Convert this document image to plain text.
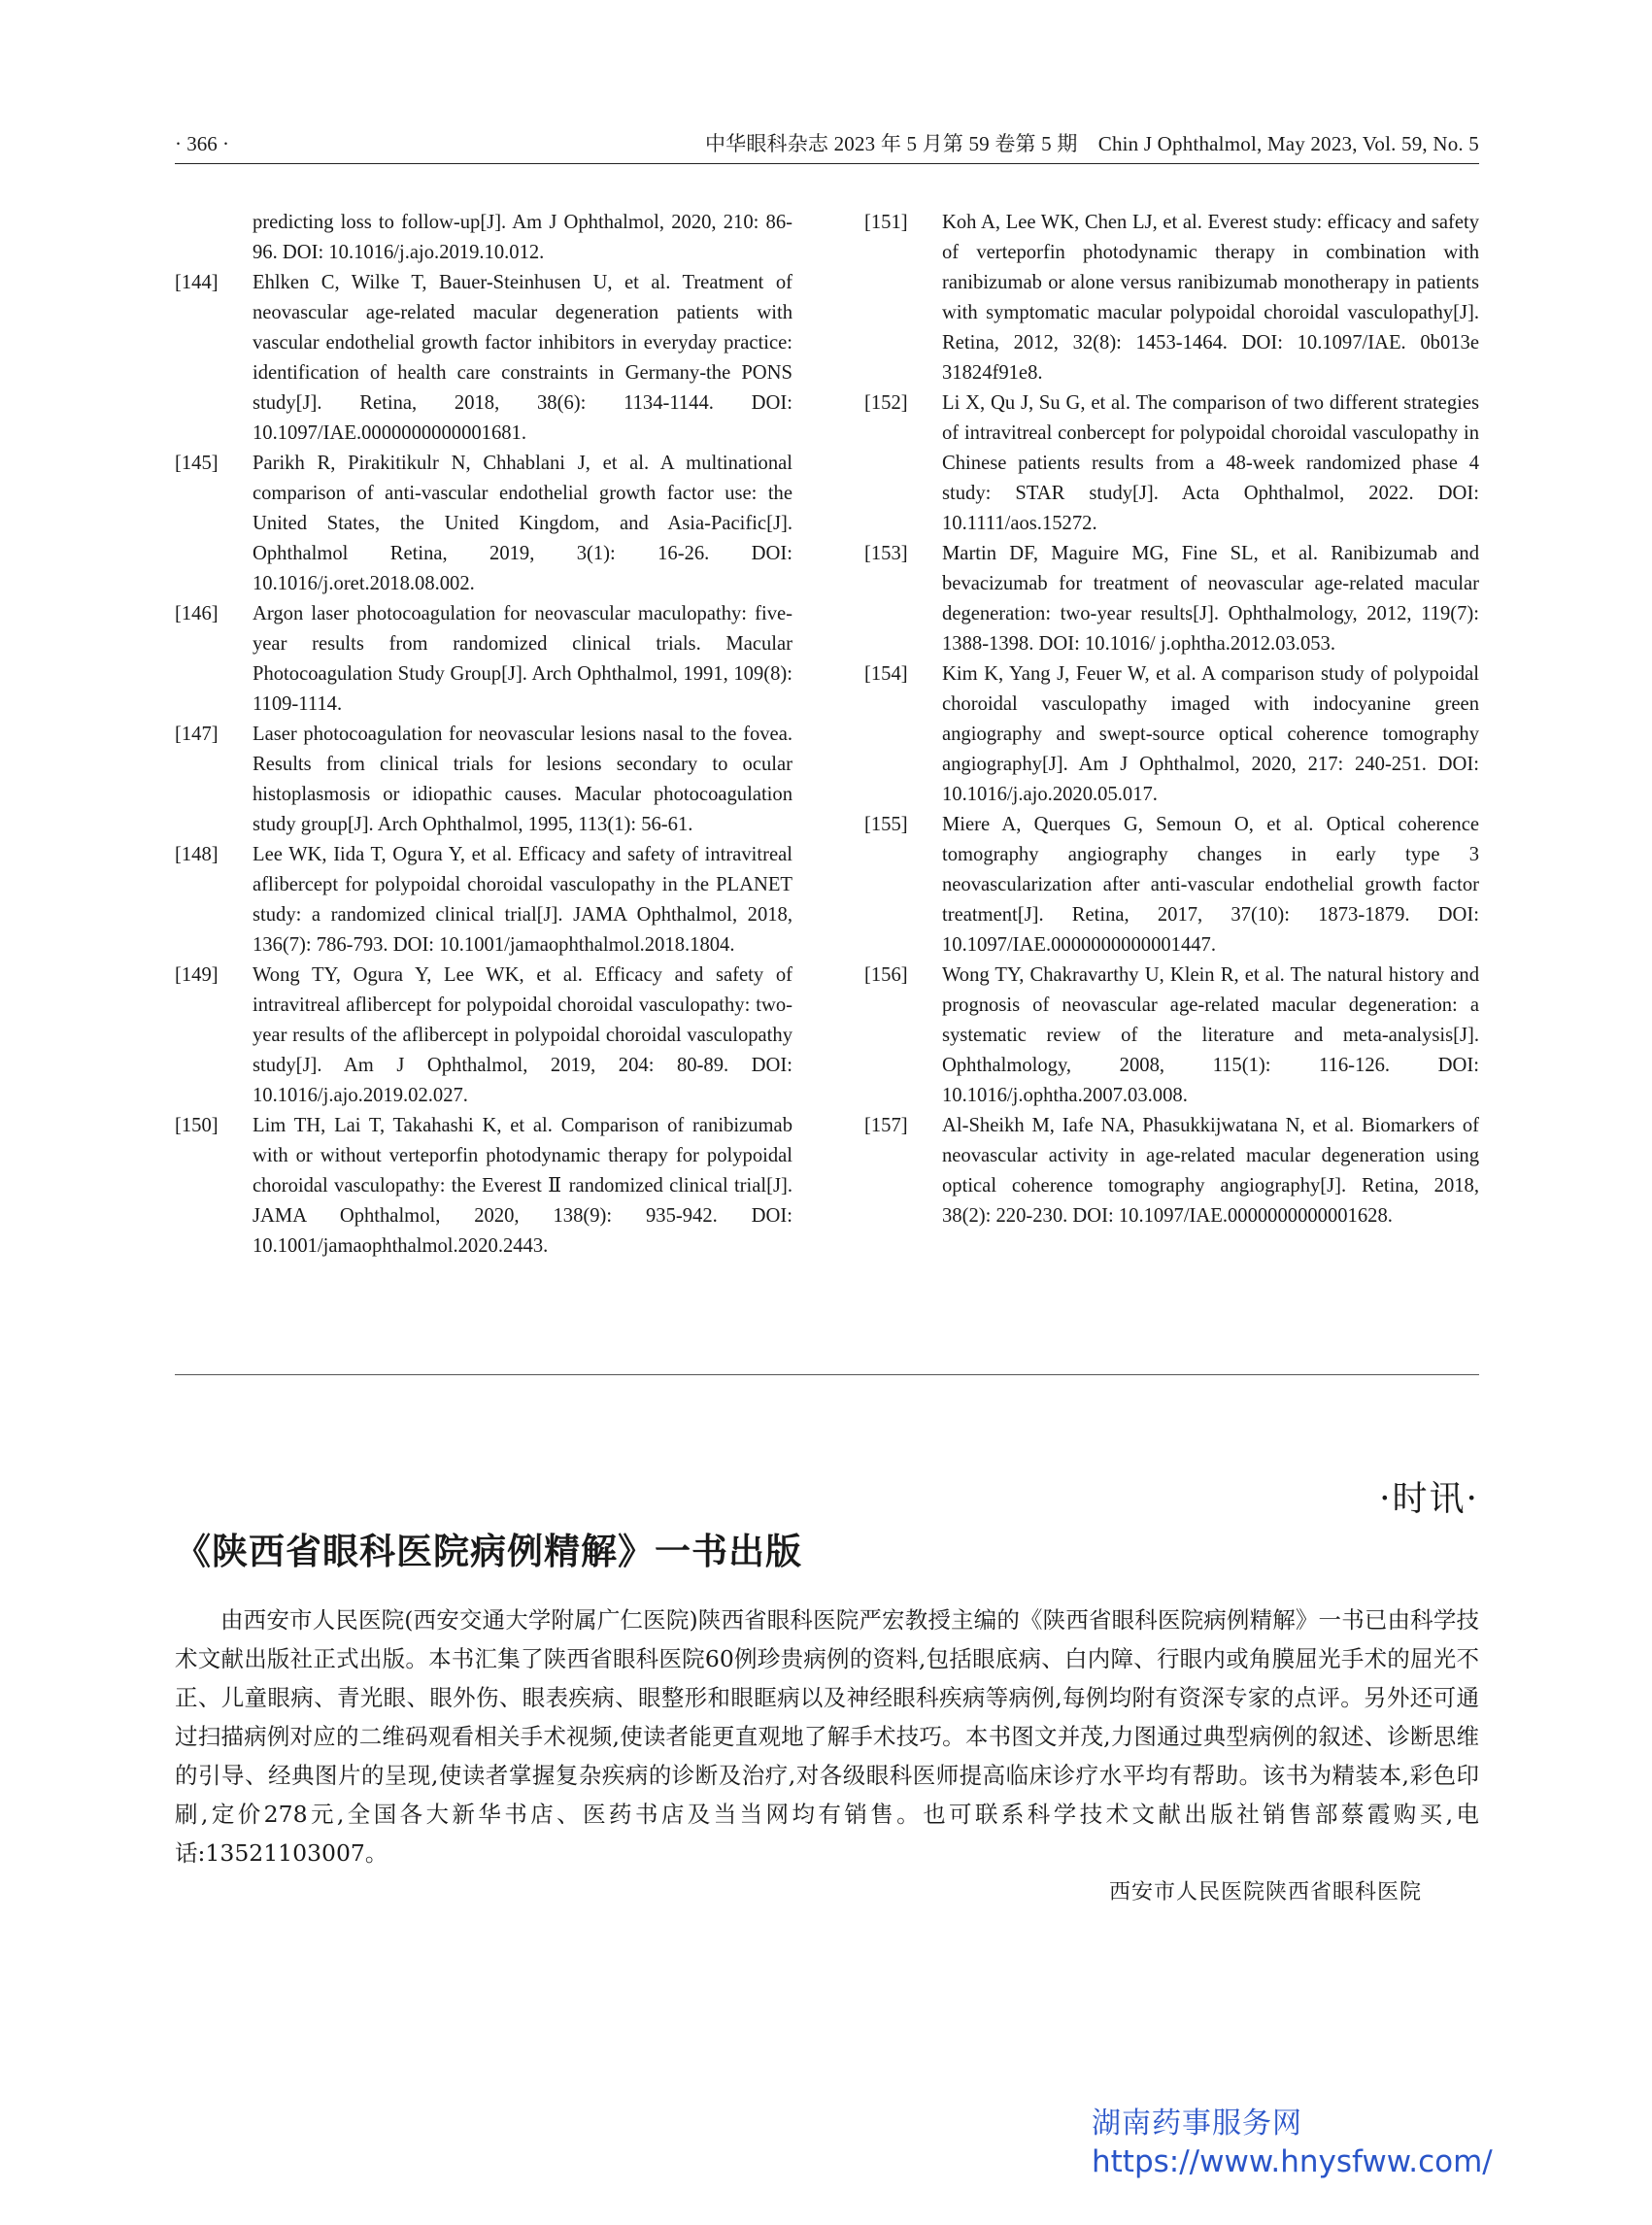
· 366 ·	中华眼科杂志 2023 年 5 月第 59 卷第 5 期　Chin J Ophthalmol, May 2023, Vol. 59, No. 5
predicting loss to follow-up[J]. Am J Ophthalmol, 2020, 210: 86-96. DOI: 10.1016/j.ajo.2019.10.012.
[144]	Ehlken C, Wilke T, Bauer-Steinhusen U, et al. Treatment of neovascular age-related macular degeneration patients with vascular endothelial growth factor inhibitors in everyday practice: identification of health care constraints in Germany-the PONS study[J]. Retina, 2018, 38(6): 1134-1144. DOI: 10.1097/IAE.0000000000001681.
[145]	Parikh R, Pirakitikulr N, Chhablani J, et al. A multinational comparison of anti-vascular endothelial growth factor use: the United States, the United Kingdom, and Asia-Pacific[J]. Ophthalmol Retina, 2019, 3(1): 16-26. DOI: 10.1016/j.oret.2018.08.002.
[146]	Argon laser photocoagulation for neovascular maculopathy: five-year results from randomized clinical trials. Macular Photocoagulation Study Group[J]. Arch Ophthalmol, 1991, 109(8): 1109-1114.
[147]	Laser photocoagulation for neovascular lesions nasal to the fovea. Results from clinical trials for lesions secondary to ocular histoplasmosis or idiopathic causes. Macular photocoagulation study group[J]. Arch Ophthalmol, 1995, 113(1): 56-61.
[148]	Lee WK, Iida T, Ogura Y, et al. Efficacy and safety of intravitreal aflibercept for polypoidal choroidal vasculopathy in the PLANET study: a randomized clinical trial[J]. JAMA Ophthalmol, 2018, 136(7): 786-793. DOI: 10.1001/jamaophthalmol.2018.1804.
[149]	Wong TY, Ogura Y, Lee WK, et al. Efficacy and safety of intravitreal aflibercept for polypoidal choroidal vasculopathy: two-year results of the aflibercept in polypoidal choroidal vasculopathy study[J]. Am J Ophthalmol, 2019, 204: 80-89. DOI: 10.1016/j.ajo.2019.02.027.
[150]	Lim TH, Lai T, Takahashi K, et al. Comparison of ranibizumab with or without verteporfin photodynamic therapy for polypoidal choroidal vasculopathy: the Everest Ⅱ randomized clinical trial[J]. JAMA Ophthalmol, 2020, 138(9): 935-942. DOI: 10.1001/jamaophthalmol.2020.2443.
[151]	Koh A, Lee WK, Chen LJ, et al. Everest study: efficacy and safety of verteporfin photodynamic therapy in combination with ranibizumab or alone versus ranibizumab monotherapy in patients with symptomatic macular polypoidal choroidal vasculopathy[J]. Retina, 2012, 32(8): 1453-1464. DOI: 10.1097/IAE. 0b013e 31824f91e8.
[152]	Li X, Qu J, Su G, et al. The comparison of two different strategies of intravitreal conbercept for polypoidal choroidal vasculopathy in Chinese patients results from a 48-week randomized phase 4 study: STAR study[J]. Acta Ophthalmol, 2022. DOI: 10.1111/aos.15272.
[153]	Martin DF, Maguire MG, Fine SL, et al. Ranibizumab and bevacizumab for treatment of neovascular age-related macular degeneration: two-year results[J]. Ophthalmology, 2012, 119(7): 1388-1398. DOI: 10.1016/ j.ophtha.2012.03.053.
[154]	Kim K, Yang J, Feuer W, et al. A comparison study of polypoidal choroidal vasculopathy imaged with indocyanine green angiography and swept-source optical coherence tomography angiography[J]. Am J Ophthalmol, 2020, 217: 240-251. DOI: 10.1016/j.ajo.2020.05.017.
[155]	Miere A, Querques G, Semoun O, et al. Optical coherence tomography angiography changes in early type 3 neovascularization after anti-vascular endothelial growth factor treatment[J]. Retina, 2017, 37(10): 1873-1879. DOI: 10.1097/IAE.0000000000001447.
[156]	Wong TY, Chakravarthy U, Klein R, et al. The natural history and prognosis of neovascular age-related macular degeneration: a systematic review of the literature and meta-analysis[J]. Ophthalmology, 2008, 115(1): 116-126. DOI: 10.1016/j.ophtha.2007.03.008.
[157]	Al-Sheikh M, Iafe NA, Phasukkijwatana N, et al. Biomarkers of neovascular activity in age-related macular degeneration using optical coherence tomography angiography[J]. Retina, 2018, 38(2): 220-230. DOI: 10.1097/IAE.0000000000001628.
·时讯·
《陕西省眼科医院病例精解》一书出版
由西安市人民医院(西安交通大学附属广仁医院)陕西省眼科医院严宏教授主编的《陕西省眼科医院病例精解》一书已由科学技术文献出版社正式出版。本书汇集了陕西省眼科医院60例珍贵病例的资料,包括眼底病、白内障、行眼内或角膜屈光手术的屈光不正、儿童眼病、青光眼、眼外伤、眼表疾病、眼整形和眼眶病以及神经眼科疾病等病例,每例均附有资深专家的点评。另外还可通过扫描病例对应的二维码观看相关手术视频,使读者能更直观地了解手术技巧。本书图文并茂,力图通过典型病例的叙述、诊断思维的引导、经典图片的呈现,使读者掌握复杂疾病的诊断及治疗,对各级眼科医师提高临床诊疗水平均有帮助。该书为精装本,彩色印刷,定价278元,全国各大新华书店、医药书店及当当网均有销售。也可联系科学技术文献出版社销售部蔡霞购买,电话:13521103007。
西安市人民医院陕西省眼科医院
湖南药事服务网
https://www.hnysfww.com/
